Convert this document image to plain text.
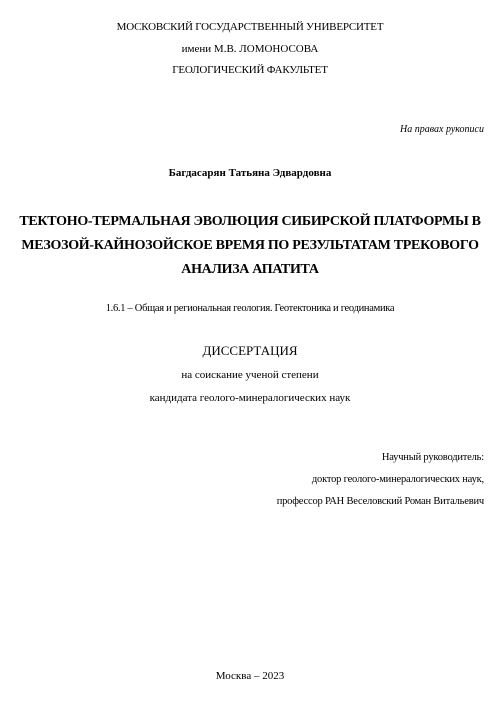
МОСКОВСКИЙ ГОСУДАРСТВЕННЫЙ УНИВЕРСИТЕТ
имени М.В. ЛОМОНОСОВА
ГЕОЛОГИЧЕСКИЙ ФАКУЛЬТЕТ
На правах рукописи
Багдасарян Татьяна Эдвардовна
ТЕКТОНО-ТЕРМАЛЬНАЯ ЭВОЛЮЦИЯ СИБИРСКОЙ ПЛАТФОРМЫ В
МЕЗОЗОЙ-КАЙНОЗОЙСКОЕ ВРЕМЯ ПО РЕЗУЛЬТАТАМ ТРЕКОВОГО
АНАЛИЗА АПАТИТА
1.6.1 – Общая и региональная геология. Геотектоника и геодинамика
ДИССЕРТАЦИЯ
на соискание ученой степени
кандидата геолого-минералогических наук
Научный руководитель:
доктор геолого-минералогических наук,
профессор РАН Веселовский Роман Витальевич
Москва – 2023
